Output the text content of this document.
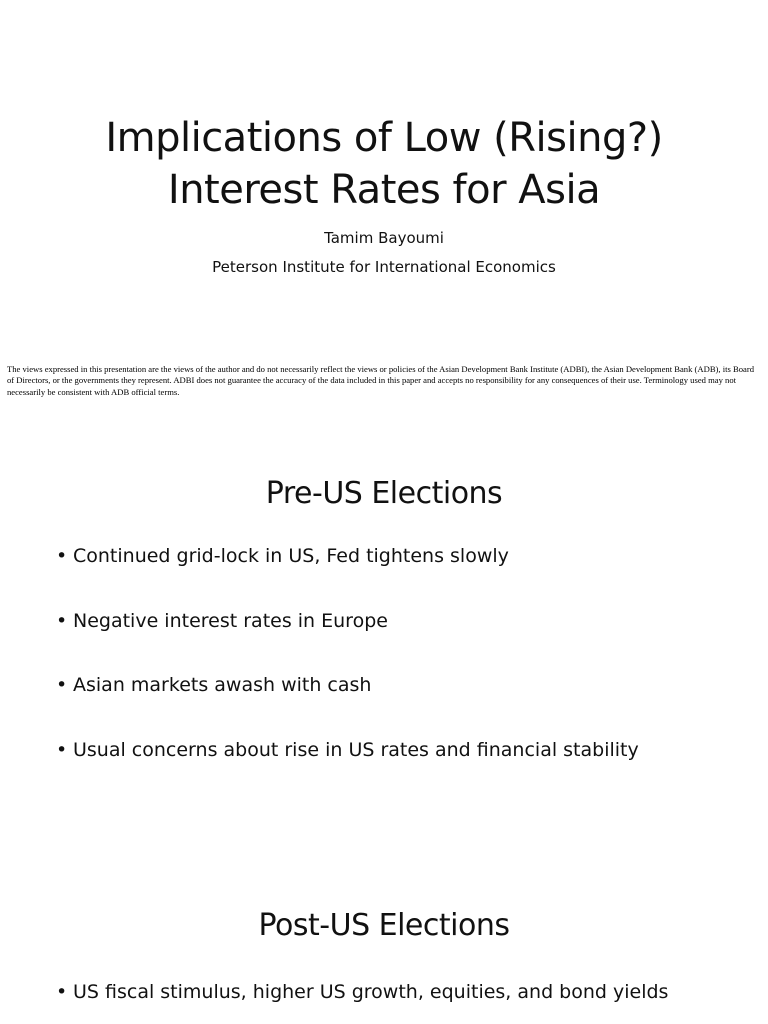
Implications of Low (Rising?)
Interest Rates for Asia
Tamim Bayoumi
Peterson Institute for International Economics

The views expressed in this presentation are the views of the author and do not necessarily reflect the views or policies of the Asian Development Bank Institute (ADBI), the Asian Development Bank (ADB), its Board of Directors, or the governments they represent. ADBI does not guarantee the accuracy of the data included in this paper and accepts no responsibility for any consequences of their use. Terminology used may not necessarily be consistent with ADB official terms.

Pre-US Elections
• Continued grid-lock in US, Fed tightens slowly
• Negative interest rates in Europe
• Asian markets awash with cash
• Usual concerns about rise in US rates and financial stability
Post-US Elections
• US fiscal stimulus, higher US growth, equities, and bond yields
